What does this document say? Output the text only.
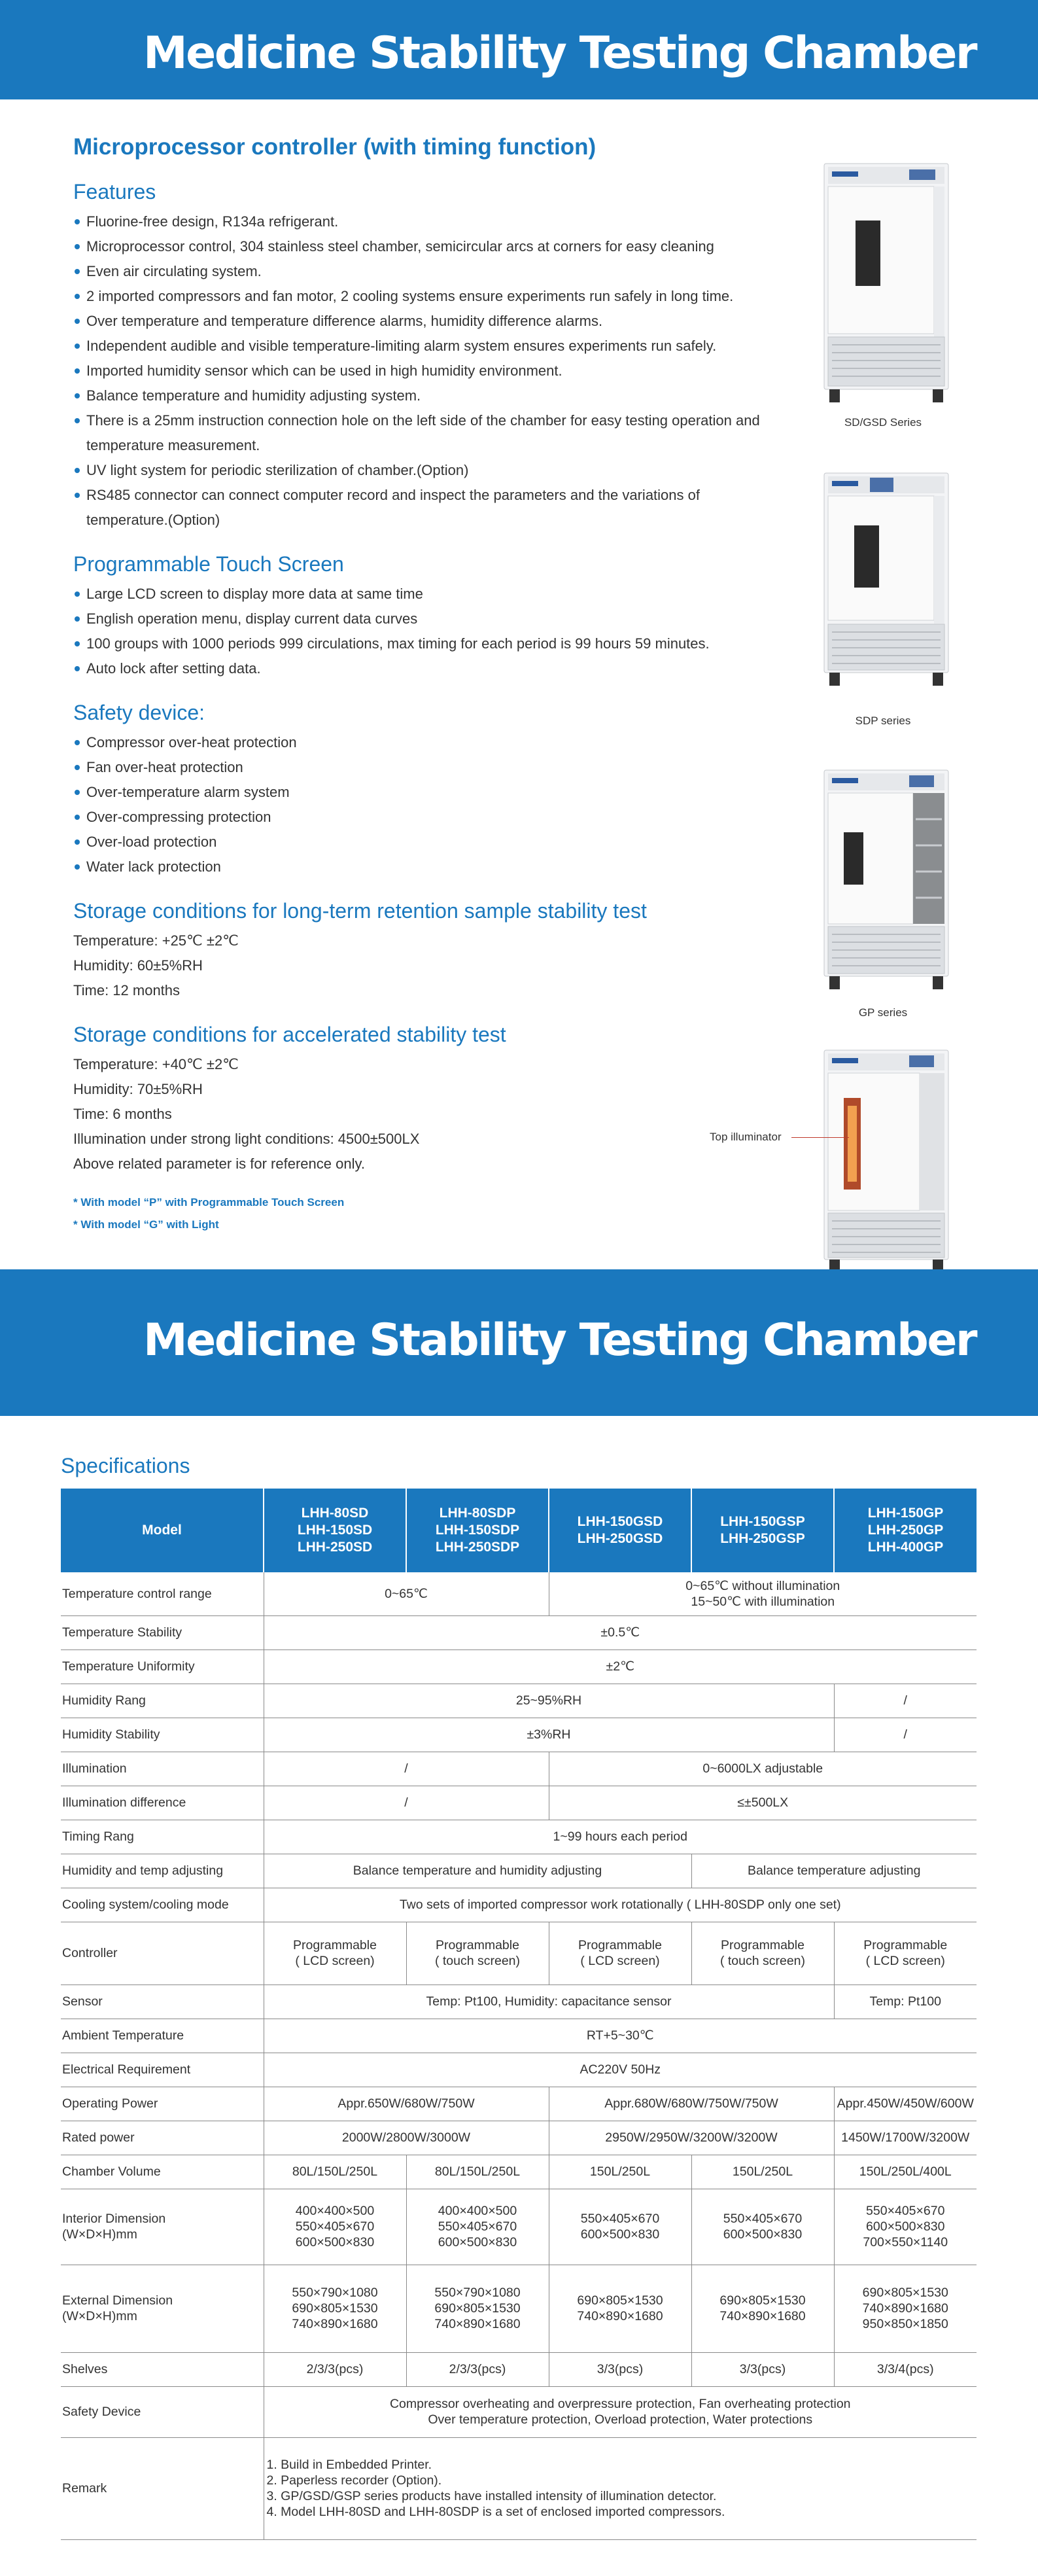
Medicine Stability Testing Chamber
Microprocessor controller (with timing function)
Features
Fluorine-free design, R134a refrigerant.
Microprocessor control, 304 stainless steel chamber, semicircular arcs at corners for easy cleaning
Even air circulating system.
2 imported compressors and fan motor, 2 cooling systems ensure experiments run safely in long time.
Over temperature and temperature difference alarms, humidity difference alarms.
Independent audible and visible temperature-limiting alarm system ensures experiments run safely.
Imported humidity sensor which can be used in high humidity environment.
Balance temperature and humidity adjusting system.
There is a 25mm instruction connection hole on the left side of the chamber for easy testing operation and temperature measurement.
UV light system for periodic sterilization of chamber.(Option)
RS485 connector can connect computer record and inspect the parameters and the variations of temperature.(Option)
Programmable Touch Screen
Large LCD screen to display more data at same time
English operation menu, display current data curves
100 groups with 1000 periods 999 circulations, max timing for each period is 99 hours 59 minutes.
Auto lock after setting data.
Safety device:
Compressor over-heat protection
Fan over-heat protection
Over-temperature alarm system
Over-compressing protection
Over-load protection
Water lack protection
Storage conditions for long-term retention sample stability test

Temperature: +25℃ ±2℃

Humidity: 60±5%RH

Time: 12 months

Storage conditions for accelerated stability test

Temperature: +40℃ ±2℃

Humidity: 70±5%RH

Time: 6 months

Illumination under strong light conditions: 4500±500LX

Above related parameter is for reference only.

* With model “P” with Programmable Touch Screen

* With model “G” with Light

SD/GSD Series
SDP series
GP series
Top illuminator
Medicine Stability Testing Chamber
Specifications
Model	LHH-80SD
LHH-150SD
LHH-250SD	LHH-80SDP
LHH-150SDP
LHH-250SDP	LHH-150GSD
LHH-250GSD	LHH-150GSP
LHH-250GSP	LHH-150GP
LHH-250GP
LHH-400GP
Temperature control range	0~65℃		0~65℃ without illumination
15~50℃ with illumination		
Temperature Stability	±0.5℃				
Temperature Uniformity	±2℃				
Humidity Rang	25~95%RH				/
Humidity Stability	±3%RH				/
Illumination	/		0~6000LX adjustable		
Illumination difference	/		≤±500LX		
Timing Rang	1~99 hours each period				
Humidity and temp adjusting	Balance temperature and humidity adjusting			Balance temperature adjusting	
Cooling system/cooling mode	Two sets of imported compressor work rotationally ( LHH-80SDP only one set)				
Controller	Programmable
( LCD screen)	Programmable
( touch screen)	Programmable
( LCD screen)	Programmable
( touch screen)	Programmable
( LCD screen)
Sensor	Temp: Pt100, Humidity: capacitance sensor				Temp: Pt100
Ambient Temperature	RT+5~30℃				
Electrical Requirement	AC220V 50Hz				
Operating Power	Appr.650W/680W/750W		Appr.680W/680W/750W/750W		Appr.450W/450W/600W
Rated power	2000W/2800W/3000W		2950W/2950W/3200W/3200W		1450W/1700W/3200W
Chamber Volume	80L/150L/250L	80L/150L/250L	150L/250L	150L/250L	150L/250L/400L
Interior Dimension
(W×D×H)mm	400×400×500
550×405×670
600×500×830	400×400×500
550×405×670
600×500×830	550×405×670
600×500×830	550×405×670
600×500×830	550×405×670
600×500×830
700×550×1140
External Dimension
(W×D×H)mm	550×790×1080
690×805×1530
740×890×1680	550×790×1080
690×805×1530
740×890×1680	690×805×1530
740×890×1680	690×805×1530
740×890×1680	690×805×1530
740×890×1680
950×850×1850
Shelves	2/3/3(pcs)	2/3/3(pcs)	3/3(pcs)	3/3(pcs)	3/3/4(pcs)
Safety Device	Compressor overheating and overpressure protection, Fan overheating protection
Over temperature protection, Overload protection, Water protections				
Remark	1. Build in Embedded Printer.
2. Paperless recorder (Option).
3. GP/GSD/GSP series products have installed intensity of illumination detector.
4. Model LHH-80SD and LHH-80SDP is a set of enclosed imported compressors.				
